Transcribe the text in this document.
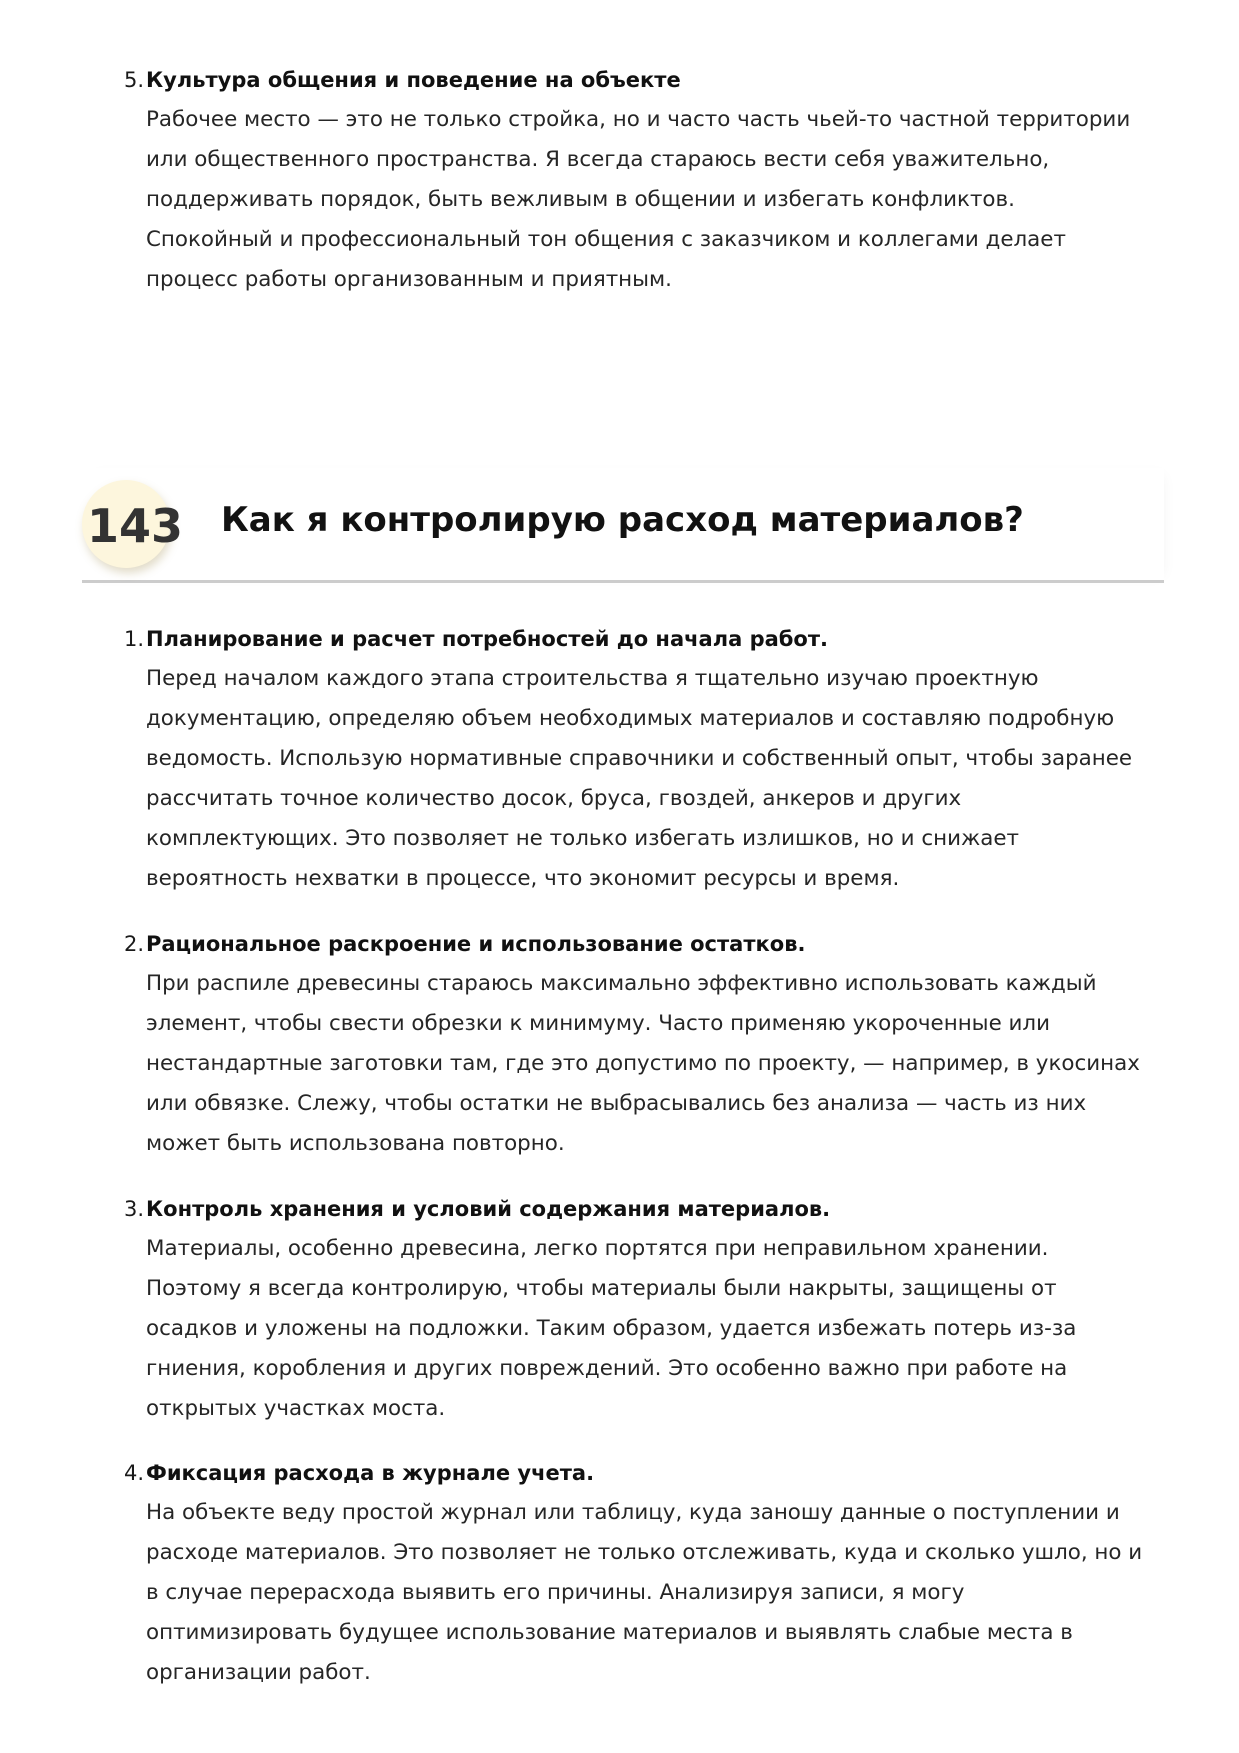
5. Культура общения и поведение на объекте

Рабочее место — это не только стройка, но и часто часть чьей-то частной территории
или общественного пространства. Я всегда стараюсь вести себя уважительно,
поддерживать порядок, быть вежливым в общении и избегать конфликтов.
Спокойный и профессиональный тон общения с заказчиком и коллегами делает
процесс работы организованным и приятным.
143 Как я контролирую расход материалов?
1. Планирование и расчет потребностей до начала работ.

Перед началом каждого этапа строительства я тщательно изучаю проектную
документацию, определяю объем необходимых материалов и составляю подробную
ведомость. Использую нормативные справочники и собственный опыт, чтобы заранее
рассчитать точное количество досок, бруса, гвоздей, анкеров и других
комплектующих. Это позволяет не только избегать излишков, но и снижает
вероятность нехватки в процессе, что экономит ресурсы и время.
2. Рациональное раскроение и использование остатков.

При распиле древесины стараюсь максимально эффективно использовать каждый
элемент, чтобы свести обрезки к минимуму. Часто применяю укороченные или
нестандартные заготовки там, где это допустимо по проекту, — например, в укосинах
или обвязке. Слежу, чтобы остатки не выбрасывались без анализа — часть из них
может быть использована повторно.
3. Контроль хранения и условий содержания материалов.

Материалы, особенно древесина, легко портятся при неправильном хранении.
Поэтому я всегда контролирую, чтобы материалы были накрыты, защищены от
осадков и уложены на подложки. Таким образом, удается избежать потерь из-за
гниения, коробления и других повреждений. Это особенно важно при работе на
открытых участках моста.
4. Фиксация расхода в журнале учета.

На объекте веду простой журнал или таблицу, куда заношу данные о поступлении и
расходе материалов. Это позволяет не только отслеживать, куда и сколько ушло, но и
в случае перерасхода выявить его причины. Анализируя записи, я могу
оптимизировать будущее использование материалов и выявлять слабые места в
организации работ.
